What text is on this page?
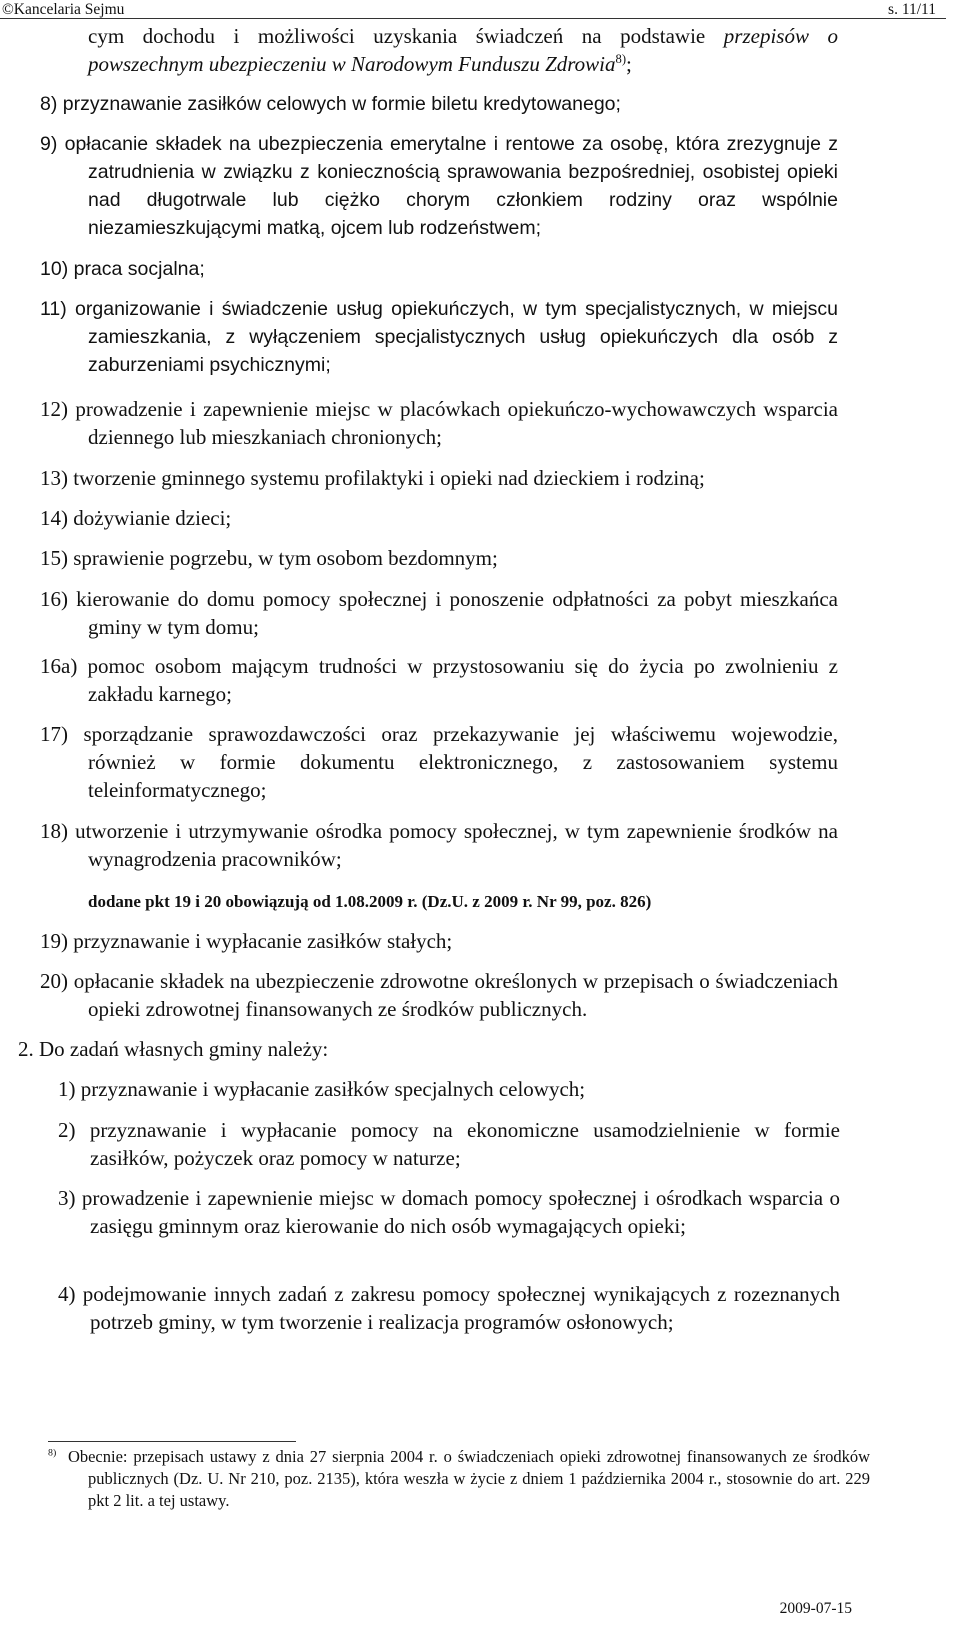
©Kancelaria Sejmu	s. 11/11
cym dochodu i możliwości uzyskania świadczeń na podstawie przepisów o powszechnym ubezpieczeniu w Narodowym Funduszu Zdrowia$^{8)}$;
8) przyznawanie zasiłków celowych w formie biletu kredytowanego;
9) opłacanie składek na ubezpieczenia emerytalne i rentowe za osobę, która zrezygnuje z zatrudnienia w związku z koniecznością sprawowania bezpośredniej, osobistej opieki nad długotrwale lub ciężko chorym członkiem rodziny oraz wspólnie niezamieszkującymi matką, ojcem lub rodzeństwem;
10) praca socjalna;
11) organizowanie i świadczenie usług opiekuńczych, w tym specjalistycznych, w miejscu zamieszkania, z wyłączeniem specjalistycznych usług opiekuńczych dla osób z zaburzeniami psychicznymi;
12) prowadzenie i zapewnienie miejsc w placówkach opiekuńczo-wychowawczych wsparcia dziennego lub mieszkaniach chronionych;
13) tworzenie gminnego systemu profilaktyki i opieki nad dzieckiem i rodziną;
14) dożywianie dzieci;
15) sprawienie pogrzebu, w tym osobom bezdomnym;
16) kierowanie do domu pomocy społecznej i ponoszenie odpłatności za pobyt mieszkańca gminy w tym domu;
16a) pomoc osobom mającym trudności w przystosowaniu się do życia po zwolnieniu z zakładu karnego;
17) sporządzanie sprawozdawczości oraz przekazywanie jej właściwemu wojewodzie, również w formie dokumentu elektronicznego, z zastosowaniem systemu teleinformatycznego;
18) utworzenie i utrzymywanie ośrodka pomocy społecznej, w tym zapewnienie środków na wynagrodzenia pracowników;
dodane pkt 19 i 20 obowiązują od 1.08.2009 r. (Dz.U. z 2009 r. Nr 99, poz. 826)
19) przyznawanie i wypłacanie zasiłków stałych;
20) opłacanie składek na ubezpieczenie zdrowotne określonych w przepisach o świadczeniach opieki zdrowotnej finansowanych ze środków publicznych.
2. Do zadań własnych gminy należy:
1) przyznawanie i wypłacanie zasiłków specjalnych celowych;
2) przyznawanie i wypłacanie pomocy na ekonomiczne usamodzielnienie w formie zasiłków, pożyczek oraz pomocy w naturze;
3) prowadzenie i zapewnienie miejsc w domach pomocy społecznej i ośrodkach wsparcia o zasięgu gminnym oraz kierowanie do nich osób wymagających opieki;
4) podejmowanie innych zadań z zakresu pomocy społecznej wynikających z rozeznanych potrzeb gminy, w tym tworzenie i realizacja programów osłonowych;
$^{8)}$ Obecnie: przepisach ustawy z dnia 27 sierpnia 2004 r. o świadczeniach opieki zdrowotnej finansowanych ze środków publicznych (Dz. U. Nr 210, poz. 2135), która weszła w życie z dniem 1 października 2004 r., stosownie do art. 229 pkt 2 lit. a tej ustawy.
2009-07-15
